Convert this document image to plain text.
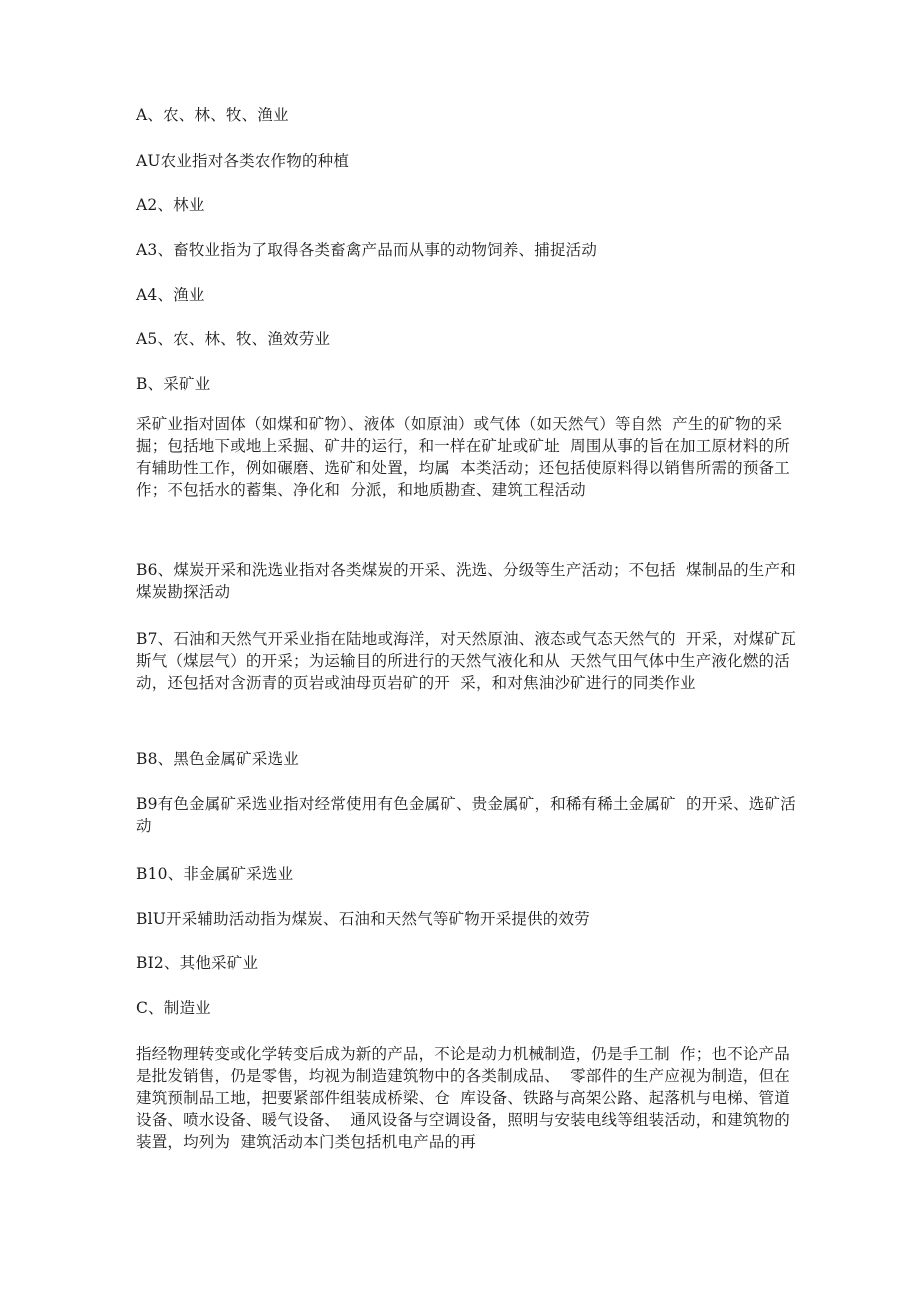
A、农、林、牧、渔业

AU农业指对各类农作物的种植

A2、林业

A3、畜牧业指为了取得各类畜禽产品而从事的动物饲养、捕捉活动

A4、渔业

A5、农、林、牧、渔效劳业

B、采矿业

采矿业指对固体（如煤和矿物）、液体（如原油）或气体（如天然气）等自然  产生的矿物的采掘；包括地下或地上采掘、矿井的运行，和一样在矿址或矿址  周围从事的旨在加工原材料的所有辅助性工作，例如碾磨、选矿和处置，均属  本类活动；还包括使原料得以销售所需的预备工作；不包括水的蓄集、净化和  分派，和地质勘查、建筑工程活动

B6、煤炭开采和洗选业指对各类煤炭的开采、洗选、分级等生产活动；不包括  煤制品的生产和煤炭勘探活动

B7、石油和天然气开采业指在陆地或海洋，对天然原油、液态或气态天然气的  开采，对煤矿瓦斯气（煤层气）的开采；为运输目的所进行的天然气液化和从  天然气田气体中生产液化燃的活动，还包括对含沥青的页岩或油母页岩矿的开  采，和对焦油沙矿进行的同类作业

B8、黑色金属矿采选业

B9有色金属矿采选业指对经常使用有色金属矿、贵金属矿，和稀有稀土金属矿  的开采、选矿活动

B10、非金属矿采选业

BlU开采辅助活动指为煤炭、石油和天然气等矿物开采提供的效劳

BI2、其他采矿业

C、制造业

指经物理转变或化学转变后成为新的产品，不论是动力机械制造，仍是手工制  作；也不论产品是批发销售，仍是零售，均视为制造建筑物中的各类制成品、  零部件的生产应视为制造，但在建筑预制品工地，把要紧部件组装成桥梁、仓  库设备、铁路与高架公路、起落机与电梯、管道设备、喷水设备、暖气设备、  通风设备与空调设备，照明与安装电线等组装活动，和建筑物的装置，均列为  建筑活动本门类包括机电产品的再
